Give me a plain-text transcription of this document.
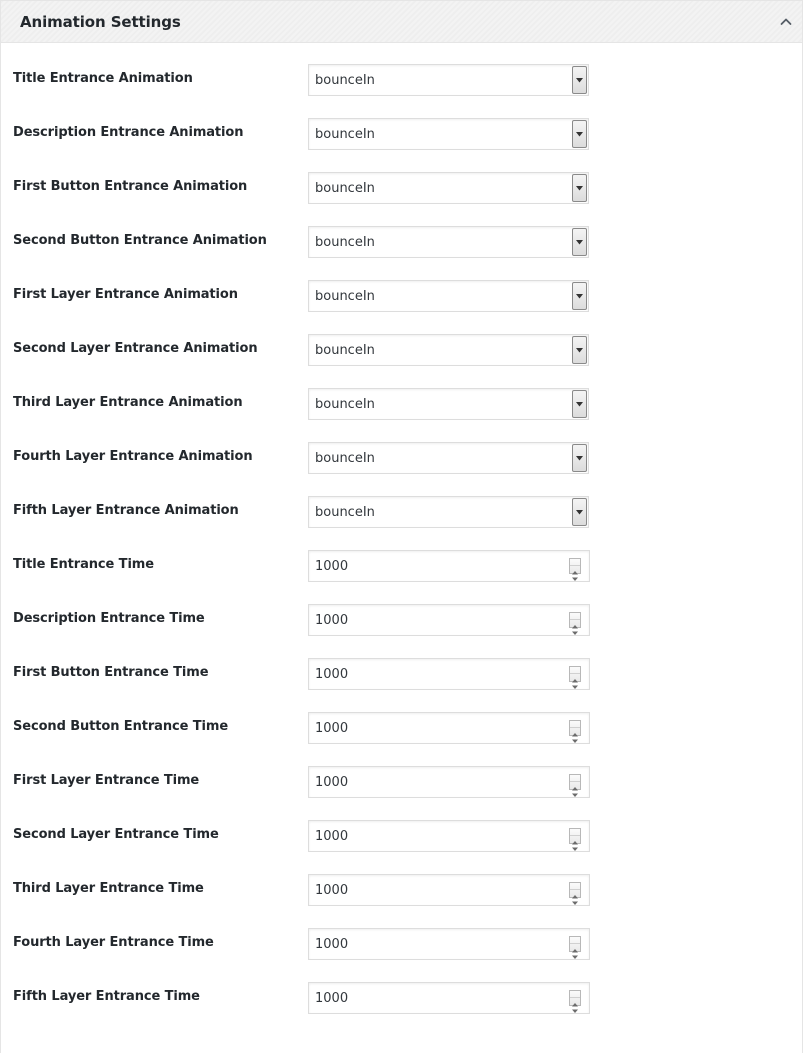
Animation Settings
Title Entrance Animation	bounceIn
Description Entrance Animation	bounceIn
First Button Entrance Animation	bounceIn
Second Button Entrance Animation	bounceIn
First Layer Entrance Animation	bounceIn
Second Layer Entrance Animation	bounceIn
Third Layer Entrance Animation	bounceIn
Fourth Layer Entrance Animation	bounceIn
Fifth Layer Entrance Animation	bounceIn
Title Entrance Time	1000
Description Entrance Time	1000
First Button Entrance Time	1000
Second Button Entrance Time	1000
First Layer Entrance Time	1000
Second Layer Entrance Time	1000
Third Layer Entrance Time	1000
Fourth Layer Entrance Time	1000
Fifth Layer Entrance Time	1000
